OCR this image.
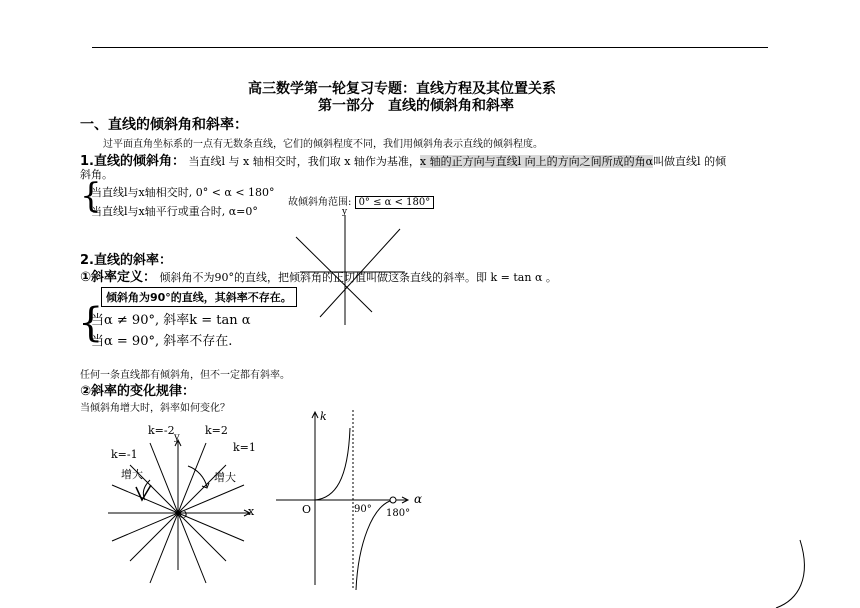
高三数学第一轮复习专题：直线方程及其位置关系
第一部分　直线的倾斜角和斜率
一、直线的倾斜角和斜率：
过平面直角坐标系的一点有无数条直线，它们的倾斜程度不同，我们用倾斜角表示直线的倾斜程度。
1.直线的倾斜角： 当直线l 与 x 轴相交时，我们取 x 轴作为基准，x 轴的正方向与直线l 向上的方向之间所成的角α叫做直线l 的倾
斜角。
{
当直线l与x轴相交时, 0° < α < 180°
当直线l与x轴平行或重合时, α=0°
故倾斜角范围: 0° ≤ α < 180°
y
2.直线的斜率：
①斜率定义： 倾斜角不为90°的直线，把倾斜角的正切值叫做这条直线的斜率。即 k = tan α 。
倾斜角为90°的直线，其斜率不存在。
{
当α ≠ 90°, 斜率k = tan α
当α = 90°, 斜率不存在.
任何一条直线都有倾斜角，但不一定都有斜率。
②斜率的变化规律：
当倾斜角增大时，斜率如何变化？
k=-2	k=2
k=-1
k=1
增大	增大
x
y
O
k
α
O	90° 180°
